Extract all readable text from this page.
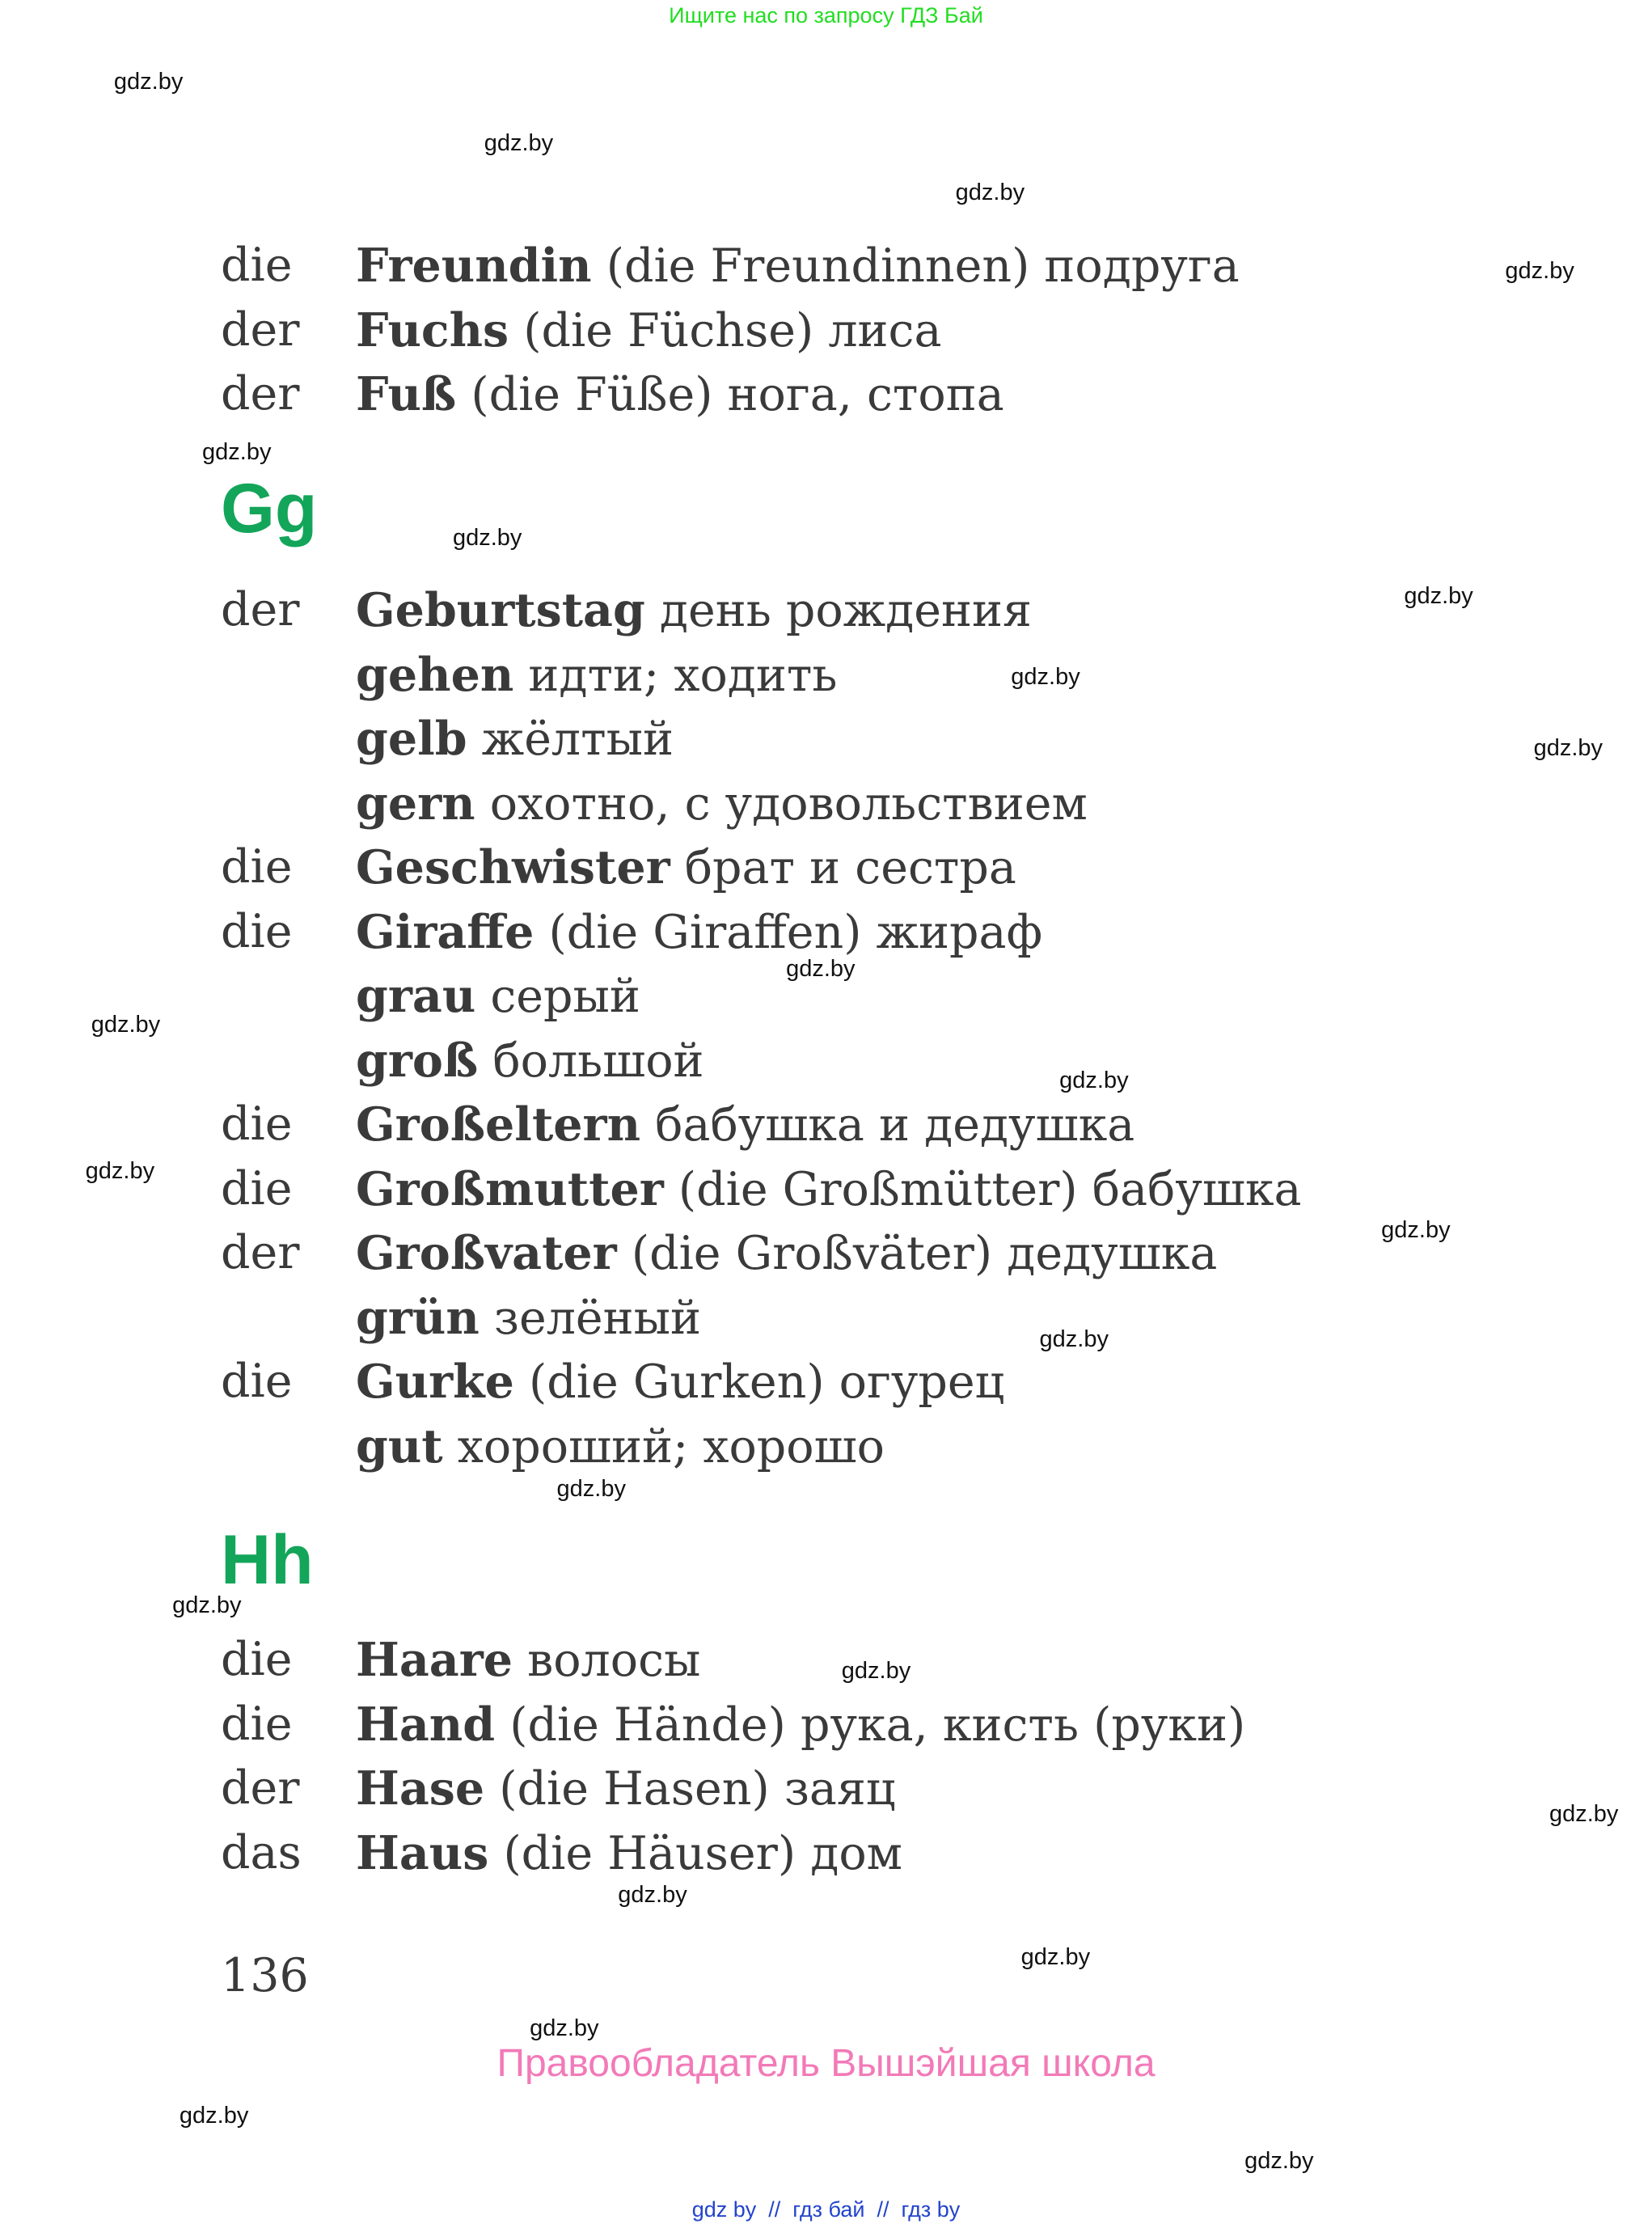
Ищите нас по запросу ГДЗ Бай
die Freundin (die Freundinnen) подруга
der Fuchs (die Füchse) лиса
der Fuß (die Füße) нога, стопа
Gg
der Geburtstag день рождения
gehen идти; ходить
gelb жёлтый
gern охотно, с удовольствием
die Geschwister брат и сестра
die Giraffe (die Giraffen) жираф
grau серый
groß большой
die Großeltern бабушка и дедушка
die Großmutter (die Großmütter) бабушка
der Großvater (die Großväter) дедушка
grün зелёный
die Gurke (die Gurken) огурец
gut хороший; хорошо
Hh
die Haare волосы
die Hand (die Hände) рука, кисть (руки)
der Hase (die Hasen) заяц
das Haus (die Häuser) дом
136
Правообладатель Вышэйшая школа
gdz by  //  гдз бай  //  гдз by
gdz.by
gdz.by
gdz.by
gdz.by
gdz.by
gdz.by
gdz.by
gdz.by
gdz.by
gdz.by
gdz.by
gdz.by
gdz.by
gdz.by
gdz.by
gdz.by
gdz.by
gdz.by
gdz.by
gdz.by
gdz.by
gdz.by
gdz.by
gdz.by
